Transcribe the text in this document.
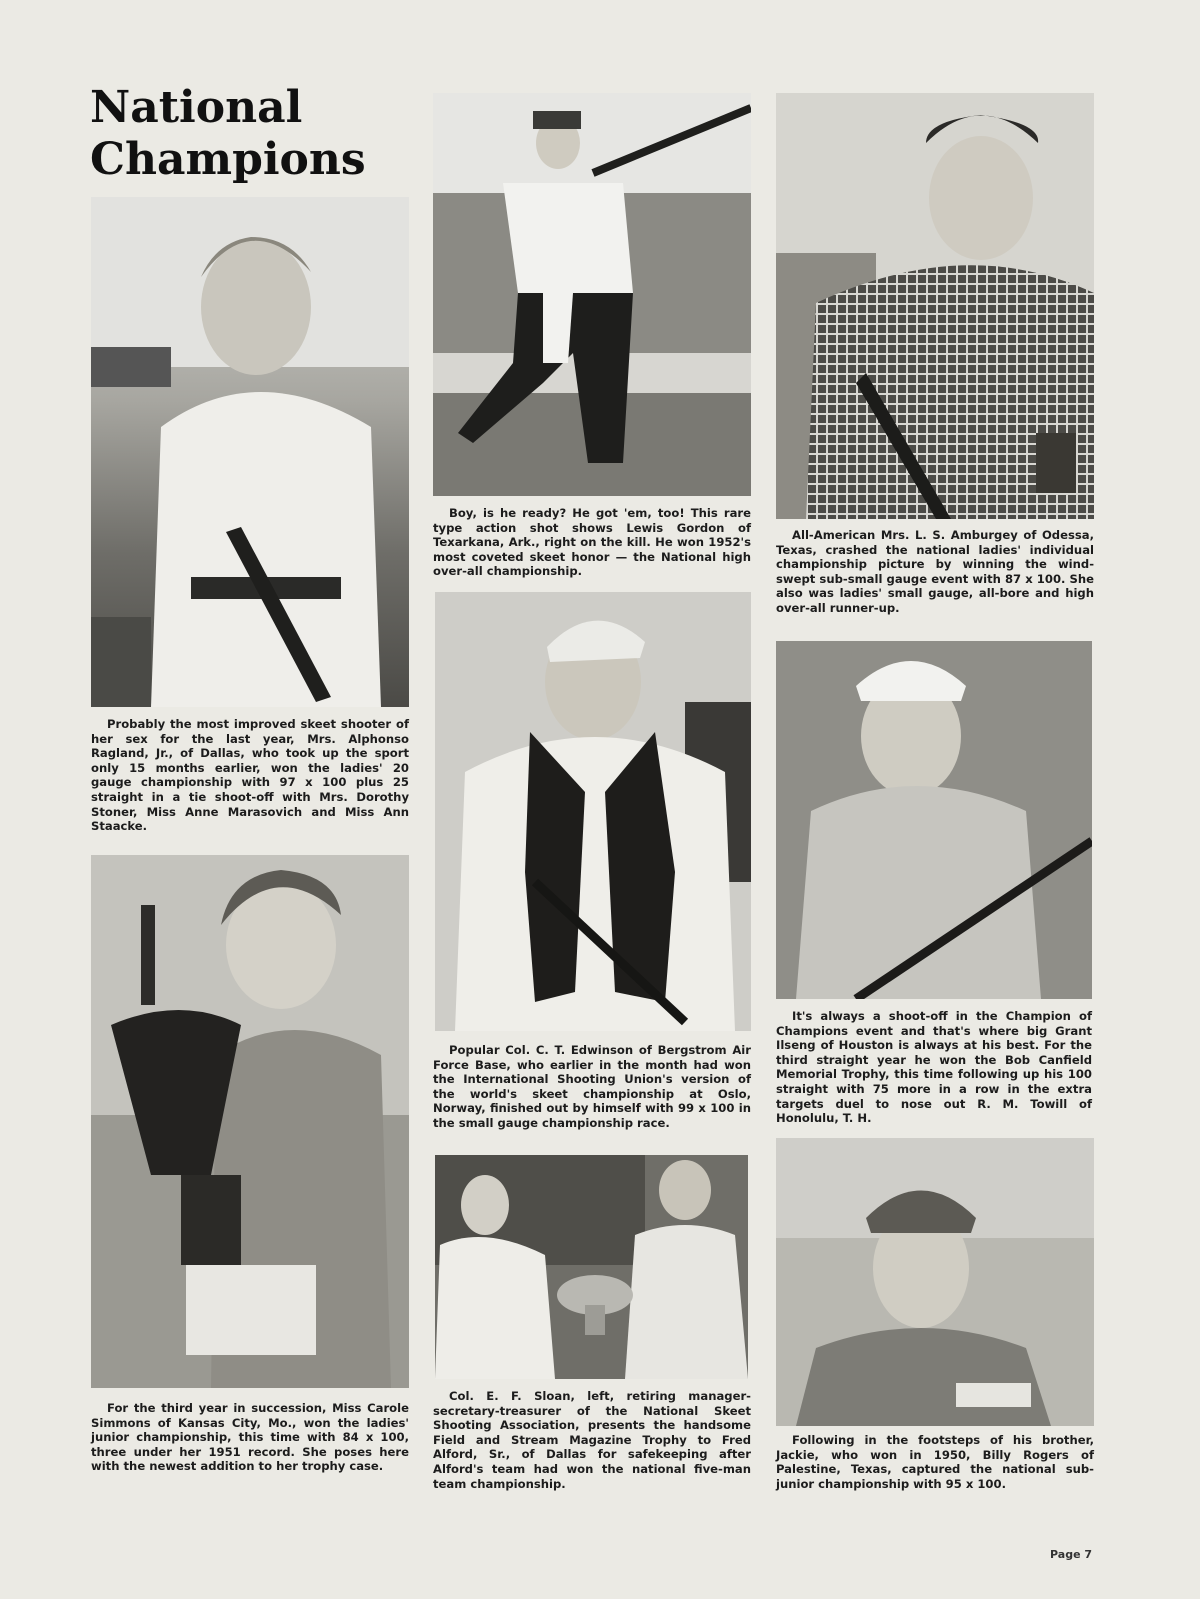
National Champions

Probably the most improved skeet shooter of her sex for the last year, Mrs. Alphonso Ragland, Jr., of Dallas, who took up the sport only 15 months earlier, won the ladies' 20 gauge championship with 97 x 100 plus 25 straight in a tie shoot-off with Mrs. Dorothy Stoner, Miss Anne Marasovich and Miss Ann Staacke.

Boy, is he ready? He got 'em, too! This rare type action shot shows Lewis Gordon of Texarkana, Ark., right on the kill. He won 1952's most coveted skeet honor — the National high over-all championship.

All-American Mrs. L. S. Amburgey of Odessa, Texas, crashed the national ladies' individual championship picture by winning the wind-swept sub-small gauge event with 87 x 100. She also was ladies' small gauge, all-bore and high over-all runner-up.

For the third year in succession, Miss Carole Simmons of Kansas City, Mo., won the ladies' junior championship, this time with 84 x 100, three under her 1951 record. She poses here with the newest addition to her trophy case.

Popular Col. C. T. Edwinson of Bergstrom Air Force Base, who earlier in the month had won the International Shooting Union's version of the world's skeet championship at Oslo, Norway, finished out by himself with 99 x 100 in the small gauge championship race.

It's always a shoot-off in the Champion of Champions event and that's where big Grant Ilseng of Houston is always at his best. For the third straight year he won the Bob Canfield Memorial Trophy, this time following up his 100 straight with 75 more in a row in the extra targets duel to nose out R. M. Towill of Honolulu, T. H.

Col. E. F. Sloan, left, retiring manager-secretary-treasurer of the National Skeet Shooting Association, presents the handsome Field and Stream Magazine Trophy to Fred Alford, Sr., of Dallas for safekeeping after Alford's team had won the national five-man team championship.

Following in the footsteps of his brother, Jackie, who won in 1950, Billy Rogers of Palestine, Texas, captured the national sub-junior championship with 95 x 100.

Page 7
